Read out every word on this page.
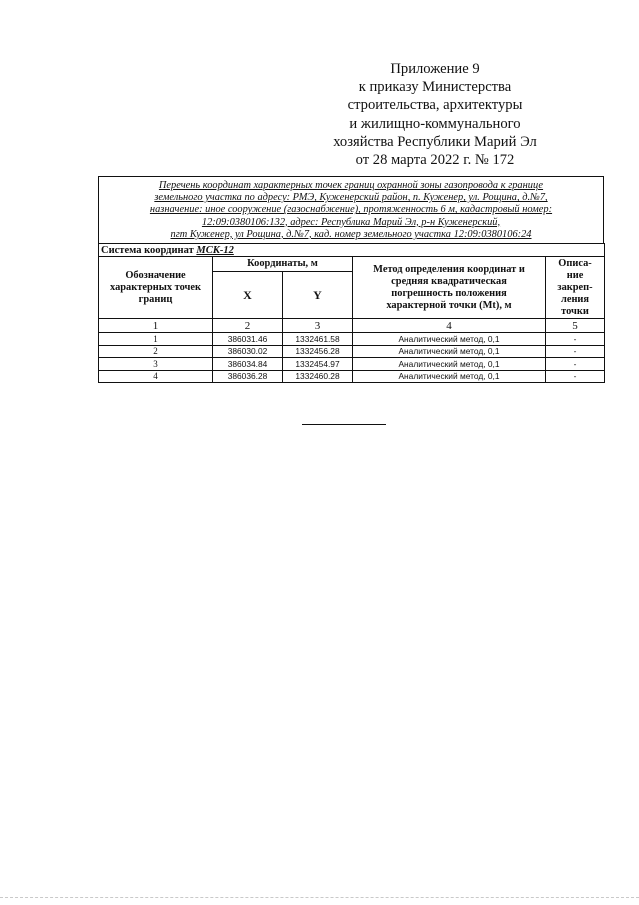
Приложение 9
к приказу Министерства
строительства, архитектуры
и жилищно-коммунального
хозяйства Республики Марий Эл
от 28 марта 2022 г. № 172
Перечень координат характерных точек границ охранной зоны газопровода к границе
земельного участка по адресу: РМЭ, Куженерский район, п. Куженер, ул. Рощина, д.№7,
назначение: иное сооружение (газоснабжение), протяженность 6 м, кадастровый номер:
12:09:0380106:132, адрес: Республика Марий Эл, р-н Куженерский,
пгт Куженер, ул Рощина, д.№7, кад. номер земельного участка 12:09:0380106:24
Система координат МСК-12				
Обозначение характерных точек границ	Координаты, м		Метод определения координат и средняя квадратическая погрешность положения характерной точки (Mt), м	Описа-
ние
закреп-
ления
точки
	X	Y		
1	2	3	4	5
1	386031.46	1332461.58	Аналитический метод, 0,1	-
2	386030.02	1332456.28	Аналитический метод, 0,1	-
3	386034.84	1332454.97	Аналитический метод, 0,1	-
4	386036.28	1332460.28	Аналитический метод, 0,1	-
